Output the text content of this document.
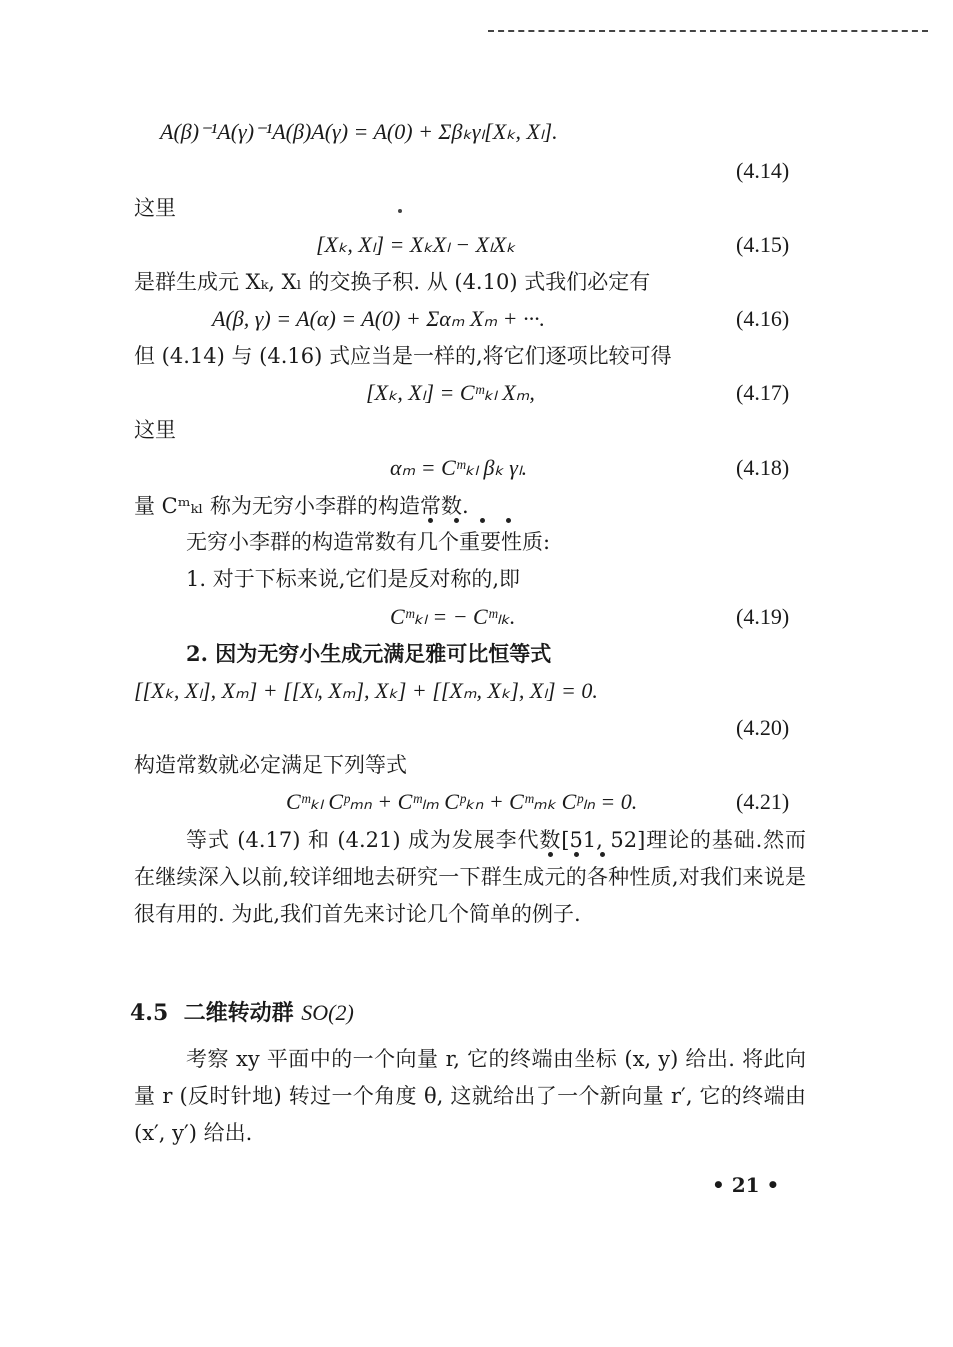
A(β)⁻¹A(γ)⁻¹A(β)A(γ) = A(0) + Σβₖγₗ[Xₖ, Xₗ].
(4.14)
这里
[Xₖ, Xₗ] = XₖXₗ − XₗXₖ	(4.15)
是群生成元 Xₖ, Xₗ 的交换子积. 从 (4.10) 式我们必定有
A(β, γ) = A(α) = A(0) + Σαₘ Xₘ + ···.	(4.16)
但 (4.14) 与 (4.16) 式应当是一样的,将它们逐项比较可得
[Xₖ, Xₗ] = Cᵐₖₗ Xₘ,	(4.17)
这里
αₘ = Cᵐₖₗ βₖ γₗ.	(4.18)
量 Cᵐₖₗ 称为无穷小李群的构造常数.
无穷小李群的构造常数有几个重要性质:
1. 对于下标来说,它们是反对称的,即
Cᵐₖₗ = − Cᵐₗₖ.	(4.19)
2. 因为无穷小生成元满足雅可比恒等式
[[Xₖ, Xₗ], Xₘ] + [[Xₗ, Xₘ], Xₖ] + [[Xₘ, Xₖ], Xₗ] = 0.
(4.20)
构造常数就必定满足下列等式
Cᵐₖₗ Cᵖₘₙ + Cᵐₗₘ Cᵖₖₙ + Cᵐₘₖ Cᵖₗₙ = 0.	(4.21)
等式 (4.17) 和 (4.21) 成为发展李代数[51, 52]理论的基础.然而在继续深入以前,较详细地去研究一下群生成元的各种性质,对我们来说是很有用的. 为此,我们首先来讨论几个简单的例子.
4.5 二维转动群 SO(2)
考察 xy 平面中的一个向量 r, 它的终端由坐标 (x, y) 给出. 将此向量 r (反时针地) 转过一个角度 θ, 这就给出了一个新向量 r′, 它的终端由 (x′, y′) 给出.
• 21 •
